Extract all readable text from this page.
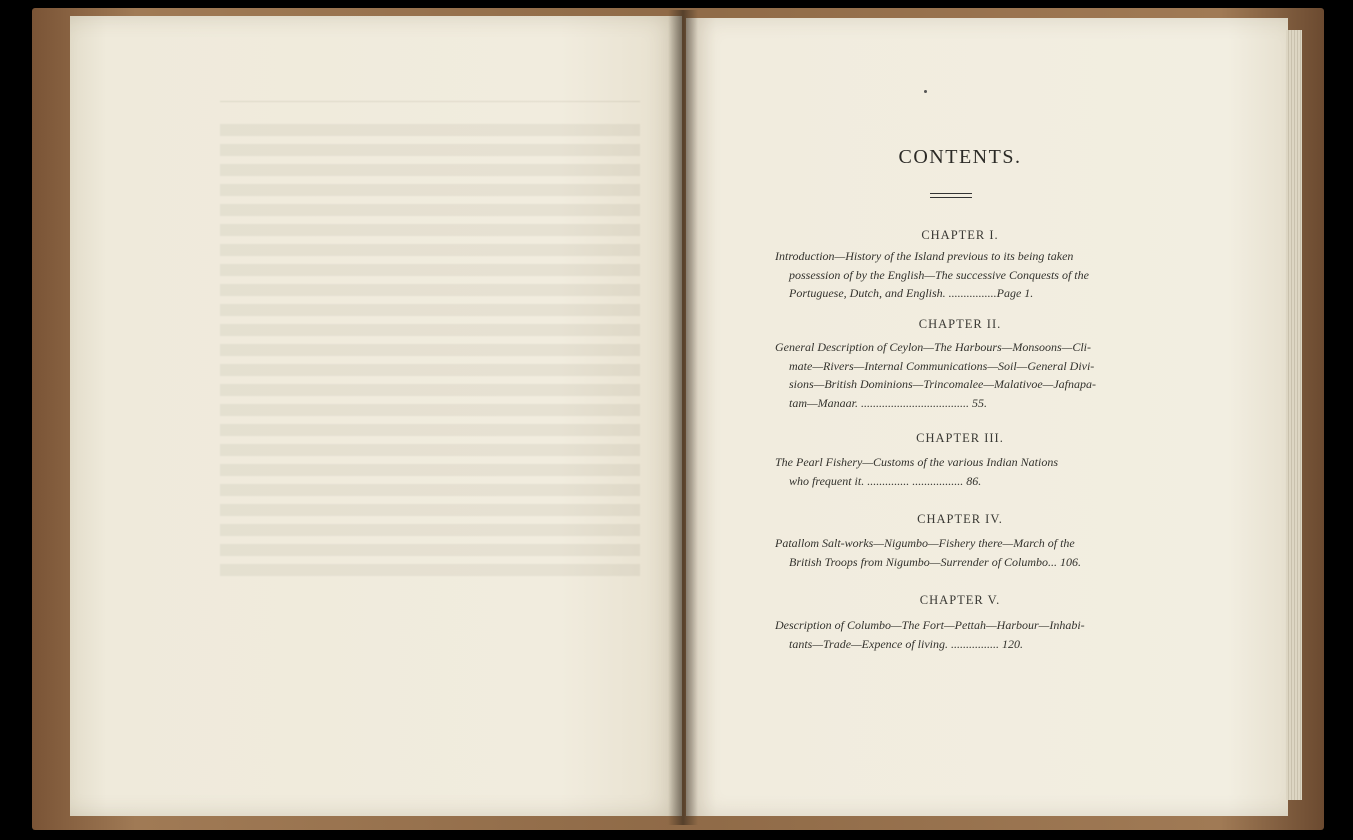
CONTENTS.
CHAPTER I.
Introduction—History of the Island previous to its being taken
possession of by the English—The successive Conquests of the
Portuguese, Dutch, and English. ................Page 1.
CHAPTER II.
General Description of Ceylon—The Harbours—Monsoons—Cli-
mate—Rivers—Internal Communications—Soil—General Divi-
sions—British Dominions—Trincomalee—Malativoe—Jafnapa-
tam—Manaar. .................................... 55.
CHAPTER III.
The Pearl Fishery—Customs of the various Indian Nations
who frequent it. .............. ................. 86.
CHAPTER IV.
Patallom Salt-works—Nigumbo—Fishery there—March of the
British Troops from Nigumbo—Surrender of Columbo... 106.
CHAPTER V.
Description of Columbo—The Fort—Pettah—Harbour—Inhabi-
tants—Trade—Expence of living. ................ 120.
